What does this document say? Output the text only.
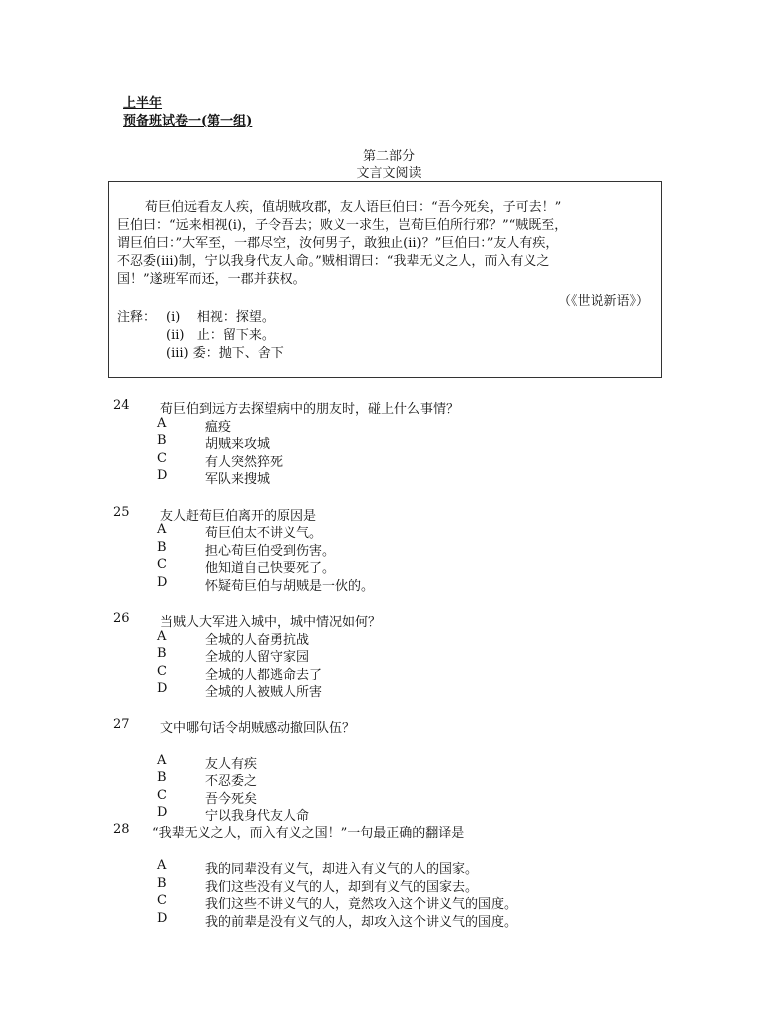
上半年
预备班试卷一(第一组)
第二部分
文言文阅读
荀巨伯远看友人疾，值胡贼攻郡，友人语巨伯曰：“吾今死矣，子可去！”
巨伯曰：“远来相视(i)，子令吾去；败义一求生，岂荀巨伯所行邪？”“贼既至，
谓巨伯曰：”大军至，一郡尽空，汝何男子，敢独止(ii)？”巨伯曰：”友人有疾，
不忍委(iii)制，宁以我身代友人命。”贼相谓曰：“我辈无义之人，而入有义之
国！”遂班军而还，一郡并获权。
（《世说新语》）
注释： (i)    相视：探望。
(ii)   止：留下来。
(iii) 委：抛下、舍下
24 荀巨伯到远方去探望病中的朋友时，碰上什么事情？
A	瘟疫
B	胡贼来攻城
C	有人突然猝死
D	军队来搜城
25 友人赶荀巨伯离开的原因是
A	荀巨伯太不讲义气。
B	担心荀巨伯受到伤害。
C	他知道自己快要死了。
D	怀疑荀巨伯与胡贼是一伙的。
26 当贼人大军进入城中，城中情况如何？
A	全城的人奋勇抗战
B	全城的人留守家园
C	全城的人都逃命去了
D	全城的人被贼人所害
27 文中哪句话令胡贼感动撤回队伍？
A	友人有疾
B	不忍委之
C	吾今死矣
D	宁以我身代友人命
28 “我辈无义之人，而入有义之国！”一句最正确的翻译是
A	我的同辈没有义气，却进入有义气的人的国家。
B	我们这些没有义气的人，却到有义气的国家去。
C	我们这些不讲义气的人，竟然攻入这个讲义气的国度。
D	我的前辈是没有义气的人，却攻入这个讲义气的国度。
